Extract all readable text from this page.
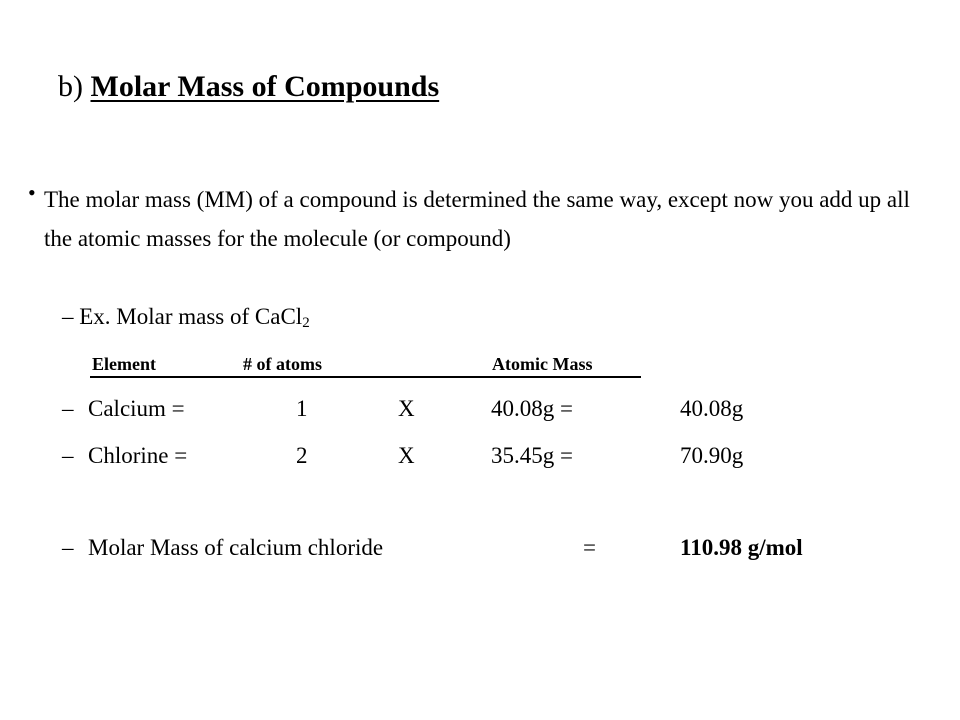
b) Molar Mass of Compounds
• The molar mass (MM) of a compound is determined the same way, except now you add up all the atomic masses for the molecule (or compound)
– Ex. Molar mass of CaCl$_2$
Element	# of atoms	Atomic Mass
– Calcium =	1	X	40.08g =	40.08g
– Chlorine =	2	X	35.45g =	70.90g
– Molar Mass of calcium chloride	=	110.98 g/mol
